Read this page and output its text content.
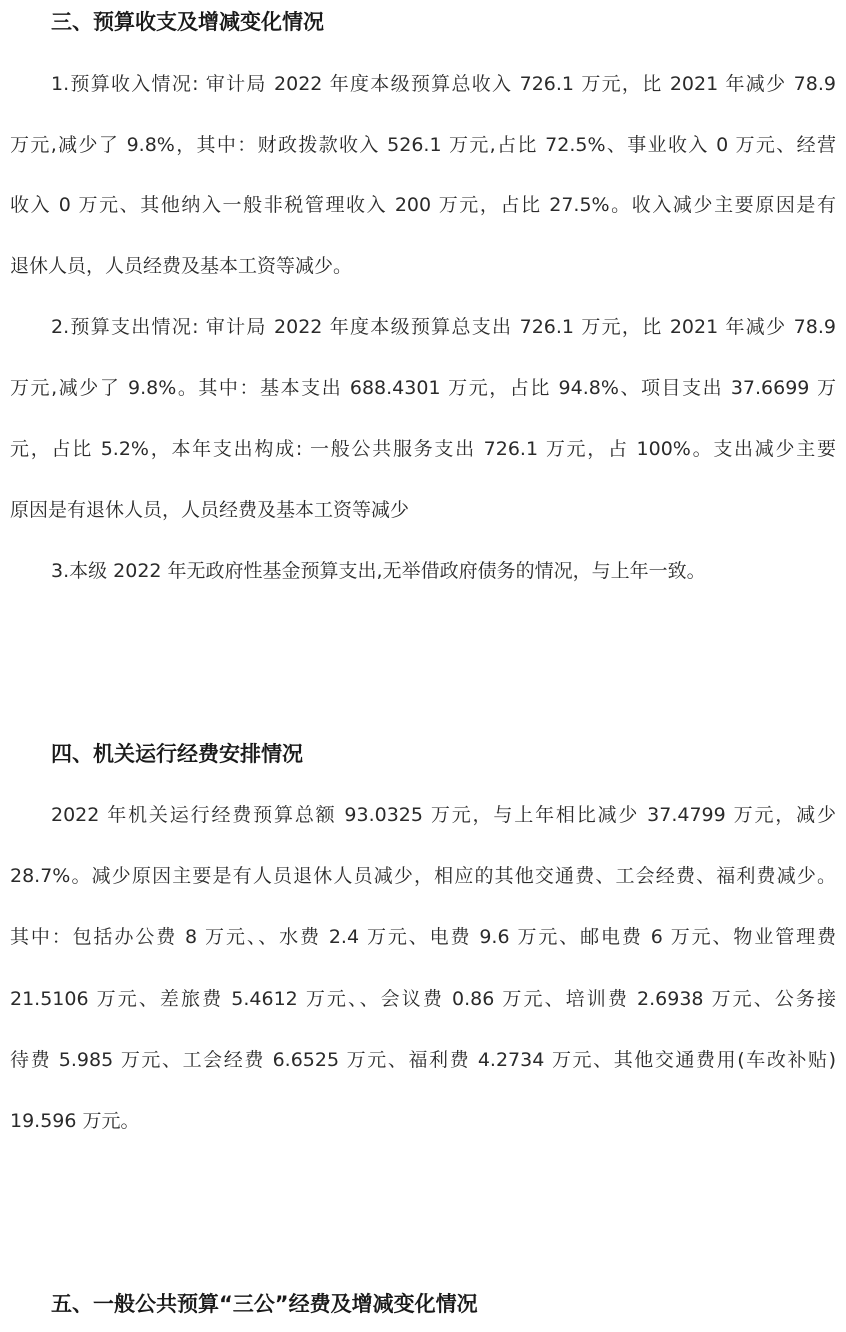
三、预算收支及增减变化情况

1.预算收入情况: 审计局 2022 年度本级预算总收入 726.1 万元，比 2021 年减少 78.9

万元,减少了 9.8%，其中：财政拨款收入 526.1 万元,占比 72.5%、事业收入 0 万元、经营

收入 0 万元、其他纳入一般非税管理收入 200 万元，占比 27.5%。收入减少主要原因是有

退休人员，人员经费及基本工资等减少。

2.预算支出情况: 审计局 2022 年度本级预算总支出 726.1 万元，比 2021 年减少 78.9

万元,减少了 9.8%。其中：基本支出 688.4301 万元，占比 94.8%、项目支出 37.6699 万

元，占比 5.2%，本年支出构成: 一般公共服务支出 726.1 万元，占 100%。支出减少主要

原因是有退休人员，人员经费及基本工资等减少

3.本级 2022 年无政府性基金预算支出,无举借政府债务的情况，与上年一致。

四、机关运行经费安排情况

2022 年机关运行经费预算总额 93.0325 万元，与上年相比减少 37.4799 万元，减少

28.7%。减少原因主要是有人员退休人员减少，相应的其他交通费、工会经费、福利费减少。

其中：包括办公费 8 万元、、水费 2.4 万元、电费 9.6 万元、邮电费 6 万元、物业管理费

21.5106 万元、差旅费 5.4612 万元、、会议费 0.86 万元、培训费 2.6938 万元、公务接

待费 5.985 万元、工会经费 6.6525 万元、福利费 4.2734 万元、其他交通费用(车改补贴)

19.596 万元。

五、一般公共预算“三公”经费及增减变化情况
